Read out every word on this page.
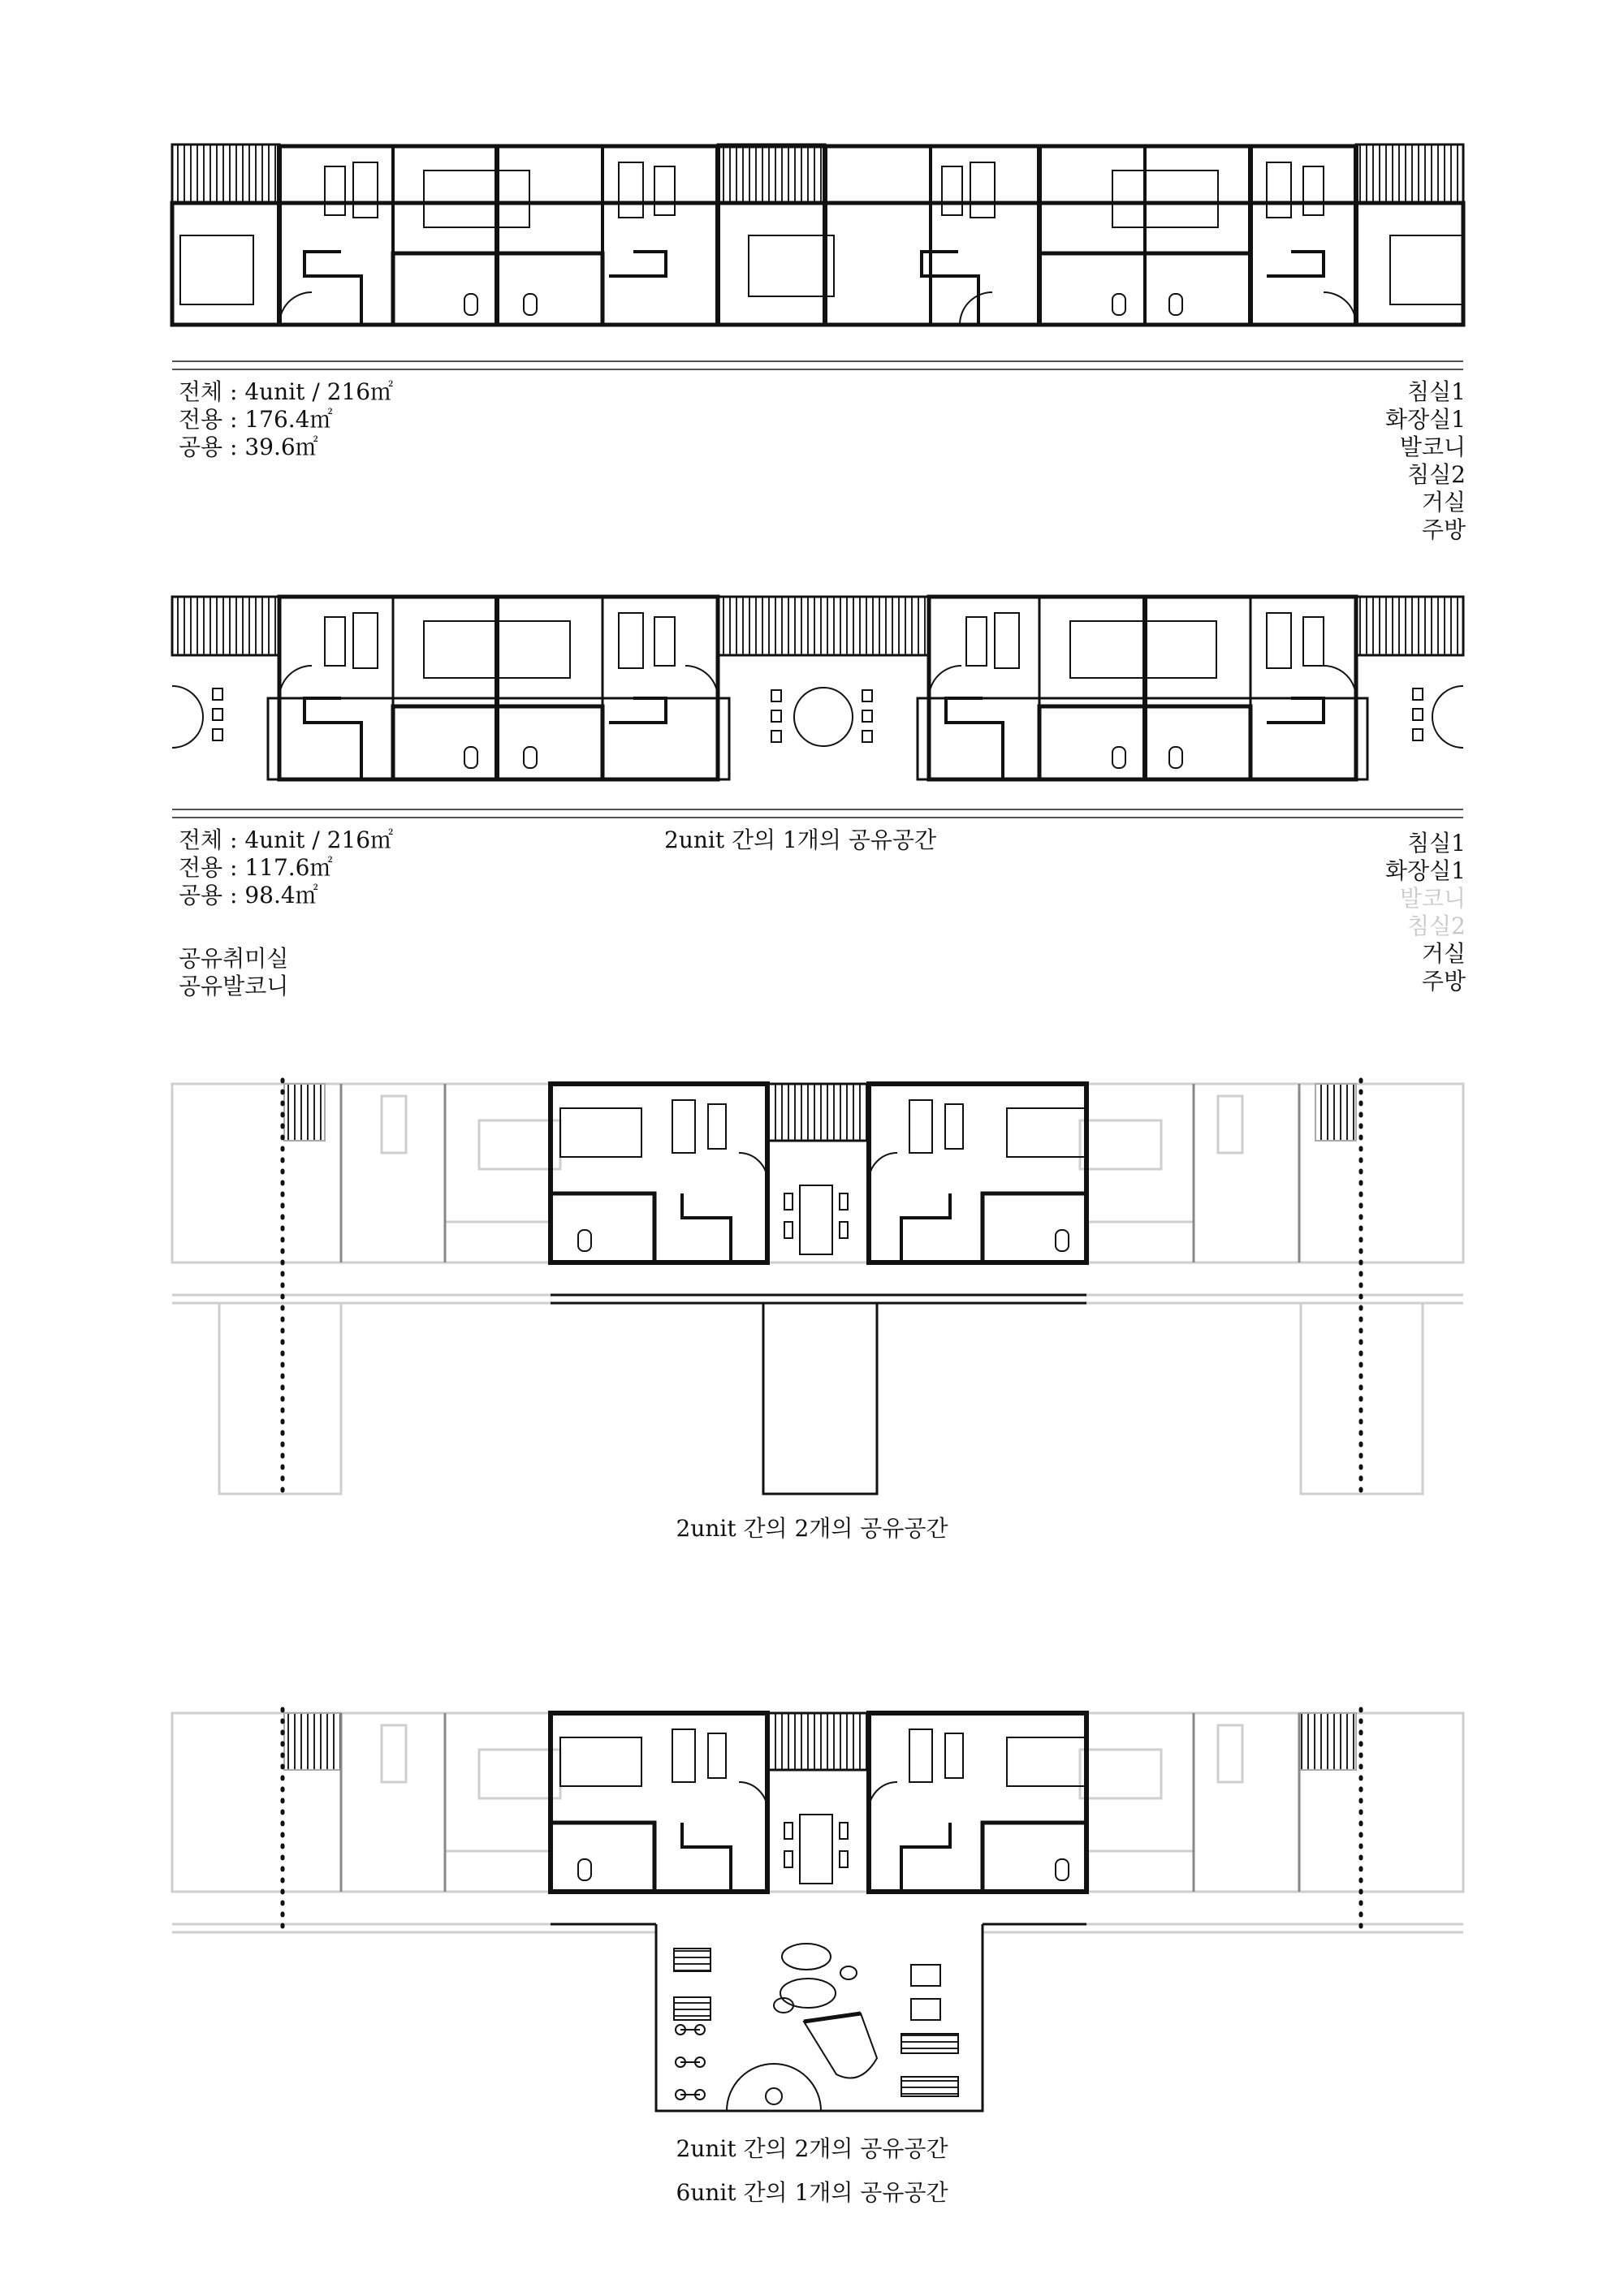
전체 : 4unit / 216㎡
전용 : 176.4㎡
공용 : 39.6㎡
침실1
화장실1
발코니
침실2
거실
주방
전체 : 4unit / 216㎡
전용 : 117.6㎡
공용 : 98.4㎡
공유취미실
공유발코니
2unit 간의 1개의 공유공간	침실1
화장실1
발코니
침실2
거실
주방
2unit 간의 2개의 공유공간
2unit 간의 2개의 공유공간
6unit 간의 1개의 공유공간
